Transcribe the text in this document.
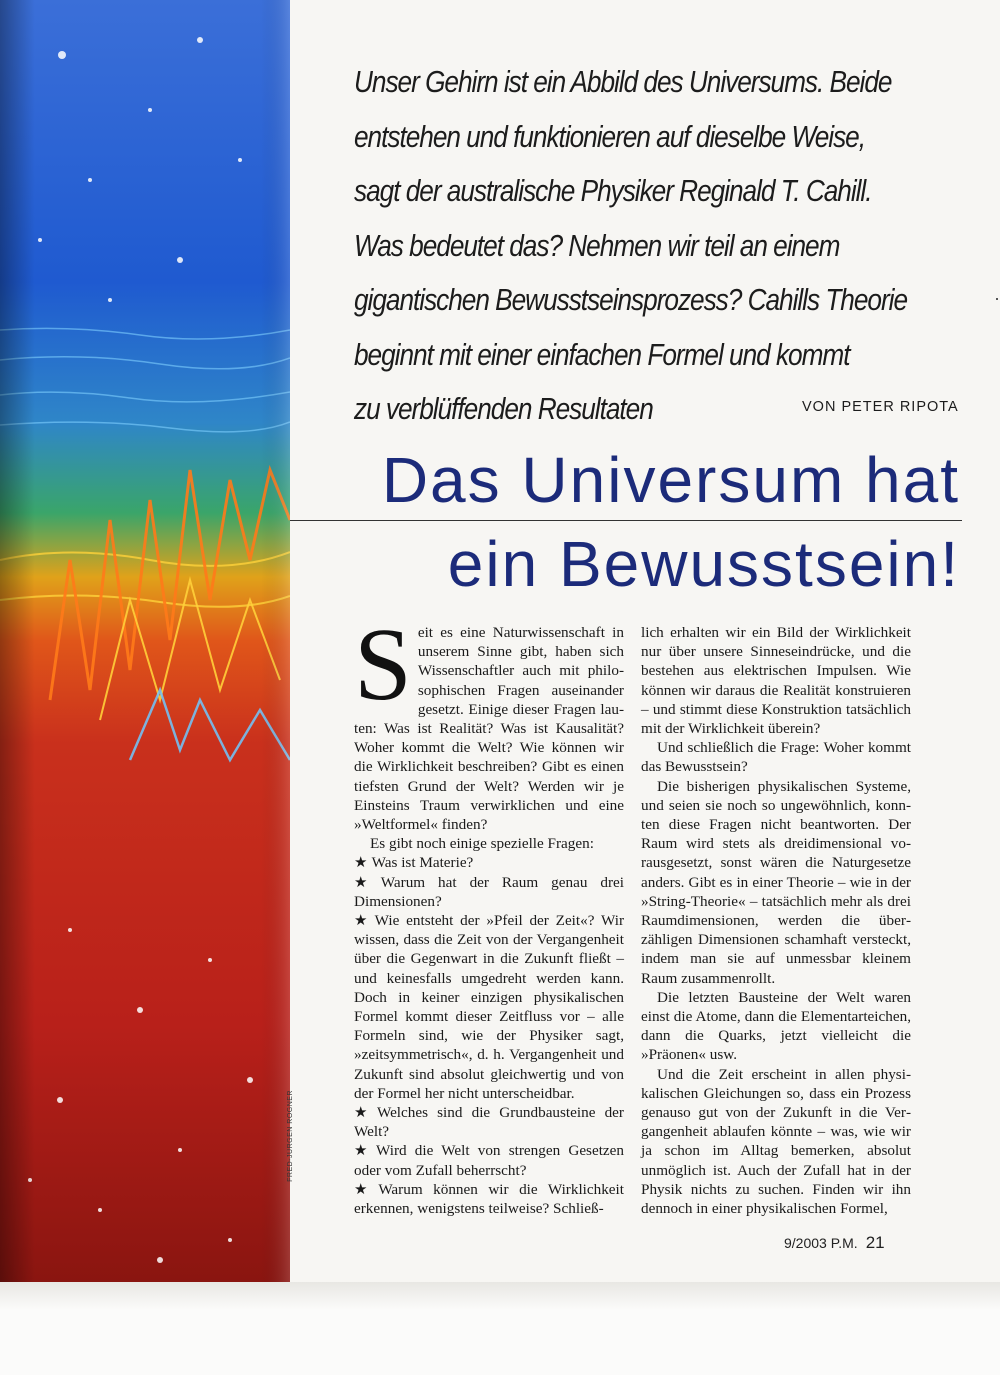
FRED-JÜRGEN ROGNER
Unser Gehirn ist ein Abbild des Universums. Beide
entstehen und funktionieren auf dieselbe Weise,
sagt der australische Physiker Reginald T. Cahill.
Was bedeutet das? Nehmen wir teil an einem
gigantischen Bewusstseinsprozess? Cahills Theorie
beginnt mit einer einfachen Formel und kommt
zu verblüffenden Resultaten	VON PETER RIPOTA
Das Universum hat
ein Bewusstsein!

Seit es eine Naturwissenschaft in unserem Sinne gibt, haben sich Wissenschaftler auch mit philosophischen Fragen auseinander gesetzt. Einige dieser Fragen lauten: Was ist Realität? Was ist Kausalität? Woher kommt die Welt? Wie können wir die Wirklichkeit beschreiben? Gibt es einen tiefsten Grund der Welt? Werden wir je Einsteins Traum verwirklichen und eine »Weltformel« finden?

Es gibt noch einige spezielle Fragen:

★ Was ist Materie?

★ Warum hat der Raum genau drei Dimensionen?

★ Wie entsteht der »Pfeil der Zeit«? Wir wissen, dass die Zeit von der Vergangenheit über die Gegenwart in die Zukunft fließt – und keinesfalls umgedreht werden kann. Doch in keiner einzigen physikalischen Formel kommt dieser Zeitfluss vor – alle Formeln sind, wie der Physiker sagt, »zeitsymmetrisch«, d. h. Vergangenheit und Zukunft sind absolut gleichwertig und von der Formel her nicht unterscheidbar.

★ Welches sind die Grundbausteine der Welt?

★ Wird die Welt von strengen Gesetzen oder vom Zufall beherrscht?

★ Warum können wir die Wirklichkeit erkennen, wenigstens teilweise? Schließ-

lich erhalten wir ein Bild der Wirklichkeit nur über unsere Sinneseindrücke, und die bestehen aus elektrischen Impulsen. Wie können wir daraus die Realität konstruieren – und stimmt diese Konstruktion tatsächlich mit der Wirklichkeit überein?

Und schließlich die Frage: Woher kommt das Bewusstsein?

Die bisherigen physikalischen Systeme, und seien sie noch so ungewöhnlich, konnten diese Fragen nicht beantworten. Der Raum wird stets als dreidimensional vorausgesetzt, sonst wären die Naturgesetze anders. Gibt es in einer Theorie – wie in der »String-Theorie« – tatsächlich mehr als drei Raumdimensionen, werden die überzähligen Dimensionen schamhaft versteckt, indem man sie auf unmessbar kleinem Raum zusammenrollt.

Die letzten Bausteine der Welt waren einst die Atome, dann die Elementarteichen, dann die Quarks, jetzt vielleicht die »Präonen« usw.

Und die Zeit erscheint in allen physikalischen Gleichungen so, dass ein Prozess genauso gut von der Zukunft in die Vergangenheit ablaufen könnte – was, wie wir ja schon im Alltag bemerken, absolut unmöglich ist. Auch der Zufall hat in der Physik nichts zu suchen. Finden wir ihn dennoch in einer physikalischen Formel,

9/2003 P.M. 21
